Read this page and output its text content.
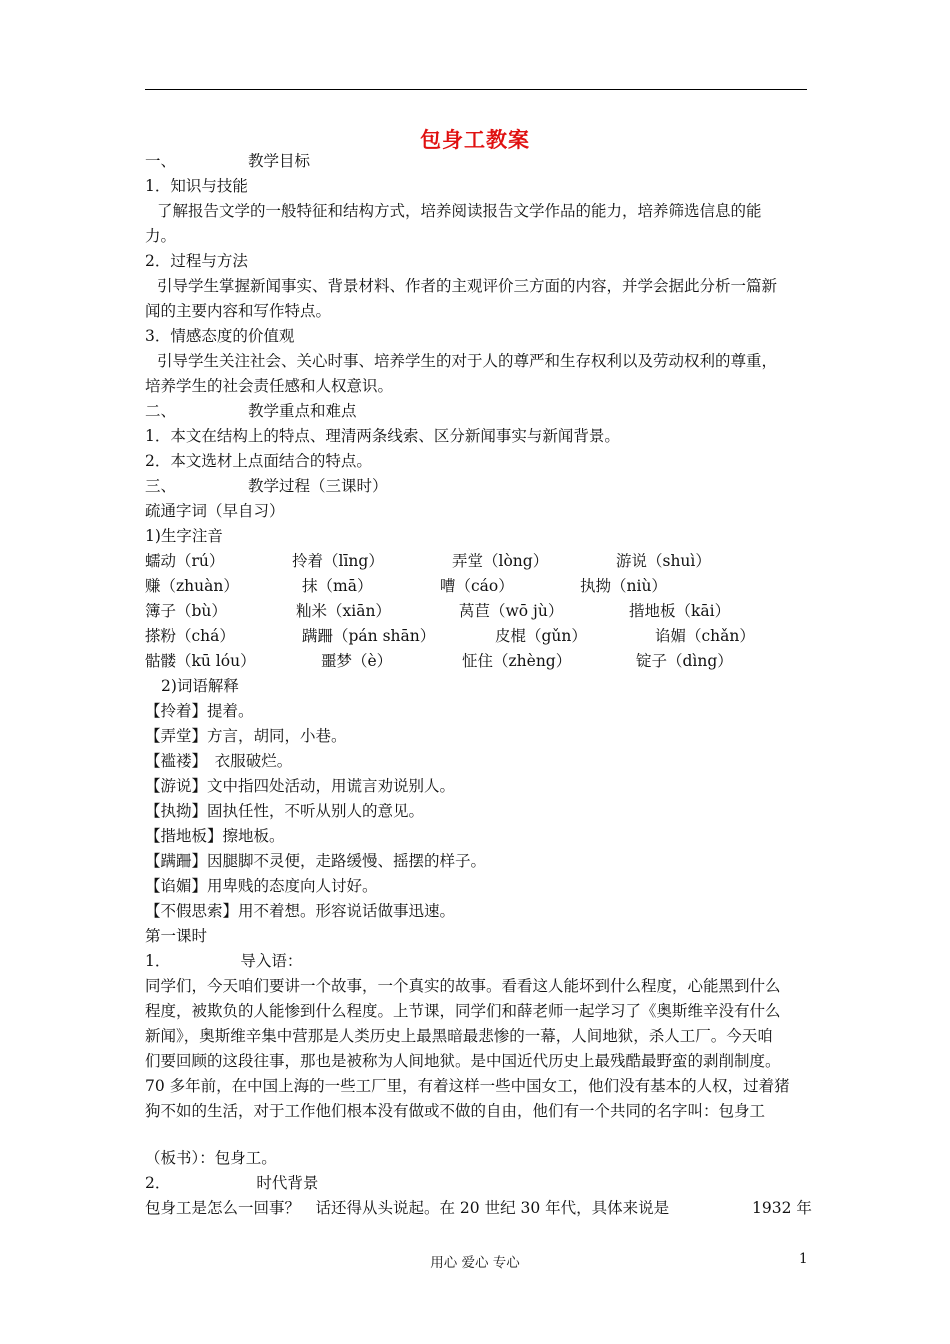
包身工教案
一、	教学目标
1．知识与技能
了解报告文学的一般特征和结构方式，培养阅读报告文学作品的能力，培养筛选信息的能
力。
2．过程与方法
引导学生掌握新闻事实、背景材料、作者的主观评价三方面的内容，并学会据此分析一篇新
闻的主要内容和写作特点。
3．情感态度的价值观
引导学生关注社会、关心时事、培养学生的对于人的尊严和生存权利以及劳动权利的尊重，
培养学生的社会责任感和人权意识。
二、	教学重点和难点
1．本文在结构上的特点、理清两条线索、区分新闻事实与新闻背景。
2．本文选材上点面结合的特点。
三、	教学过程（三课时）
疏通字词（早自习）
1)生字注音
蠕动（rú）	拎着（līng）	弄堂（lòng）	游说（shuì）
赚（zhuàn）	抹（mā）	嘈（cáo）	执拗（niù）
簿子（bù）	籼米（xiān）	莴苣（wō jù）	揩地板（kāi）
搽粉（chá）	蹒跚（pán shān）	皮棍（gǔn）	谄媚（chǎn）
骷髅（kū lóu）	噩梦（è）	怔住（zhèng）	锭子（dìng）
2)词语解释
【拎着】提着。
【弄堂】方言，胡同，小巷。
【褴褛】　衣服破烂。
【游说】文中指四处活动，用谎言劝说别人。
【执拗】固执任性，不听从别人的意见。
【揩地板】擦地板。
【蹒跚】因腿脚不灵便，走路缓慢、摇摆的样子。
【谄媚】用卑贱的态度向人讨好。
【不假思索】用不着想。形容说话做事迅速。
第一课时
1．	导入语：
同学们，今天咱们要讲一个故事，一个真实的故事。看看这人能坏到什么程度，心能黑到什么
程度，被欺负的人能惨到什么程度。上节课，同学们和薛老师一起学习了《奥斯维辛没有什么
新闻》，奥斯维辛集中营那是人类历史上最黑暗最悲惨的一幕，人间地狱，杀人工厂。今天咱
们要回顾的这段往事，那也是被称为人间地狱。是中国近代历史上最残酷最野蛮的剥削制度。
70 多年前，在中国上海的一些工厂里，有着这样一些中国女工，他们没有基本的人权，过着猪
狗不如的生活，对于工作他们根本没有做或不做的自由，他们有一个共同的名字叫：包身工
（板书）：包身工。
2．	时代背景
包身工是怎么一回事？　话还得从头说起。在 20 世纪 30 年代，具体来说是	1932 年
用心 爱心 专心	1
